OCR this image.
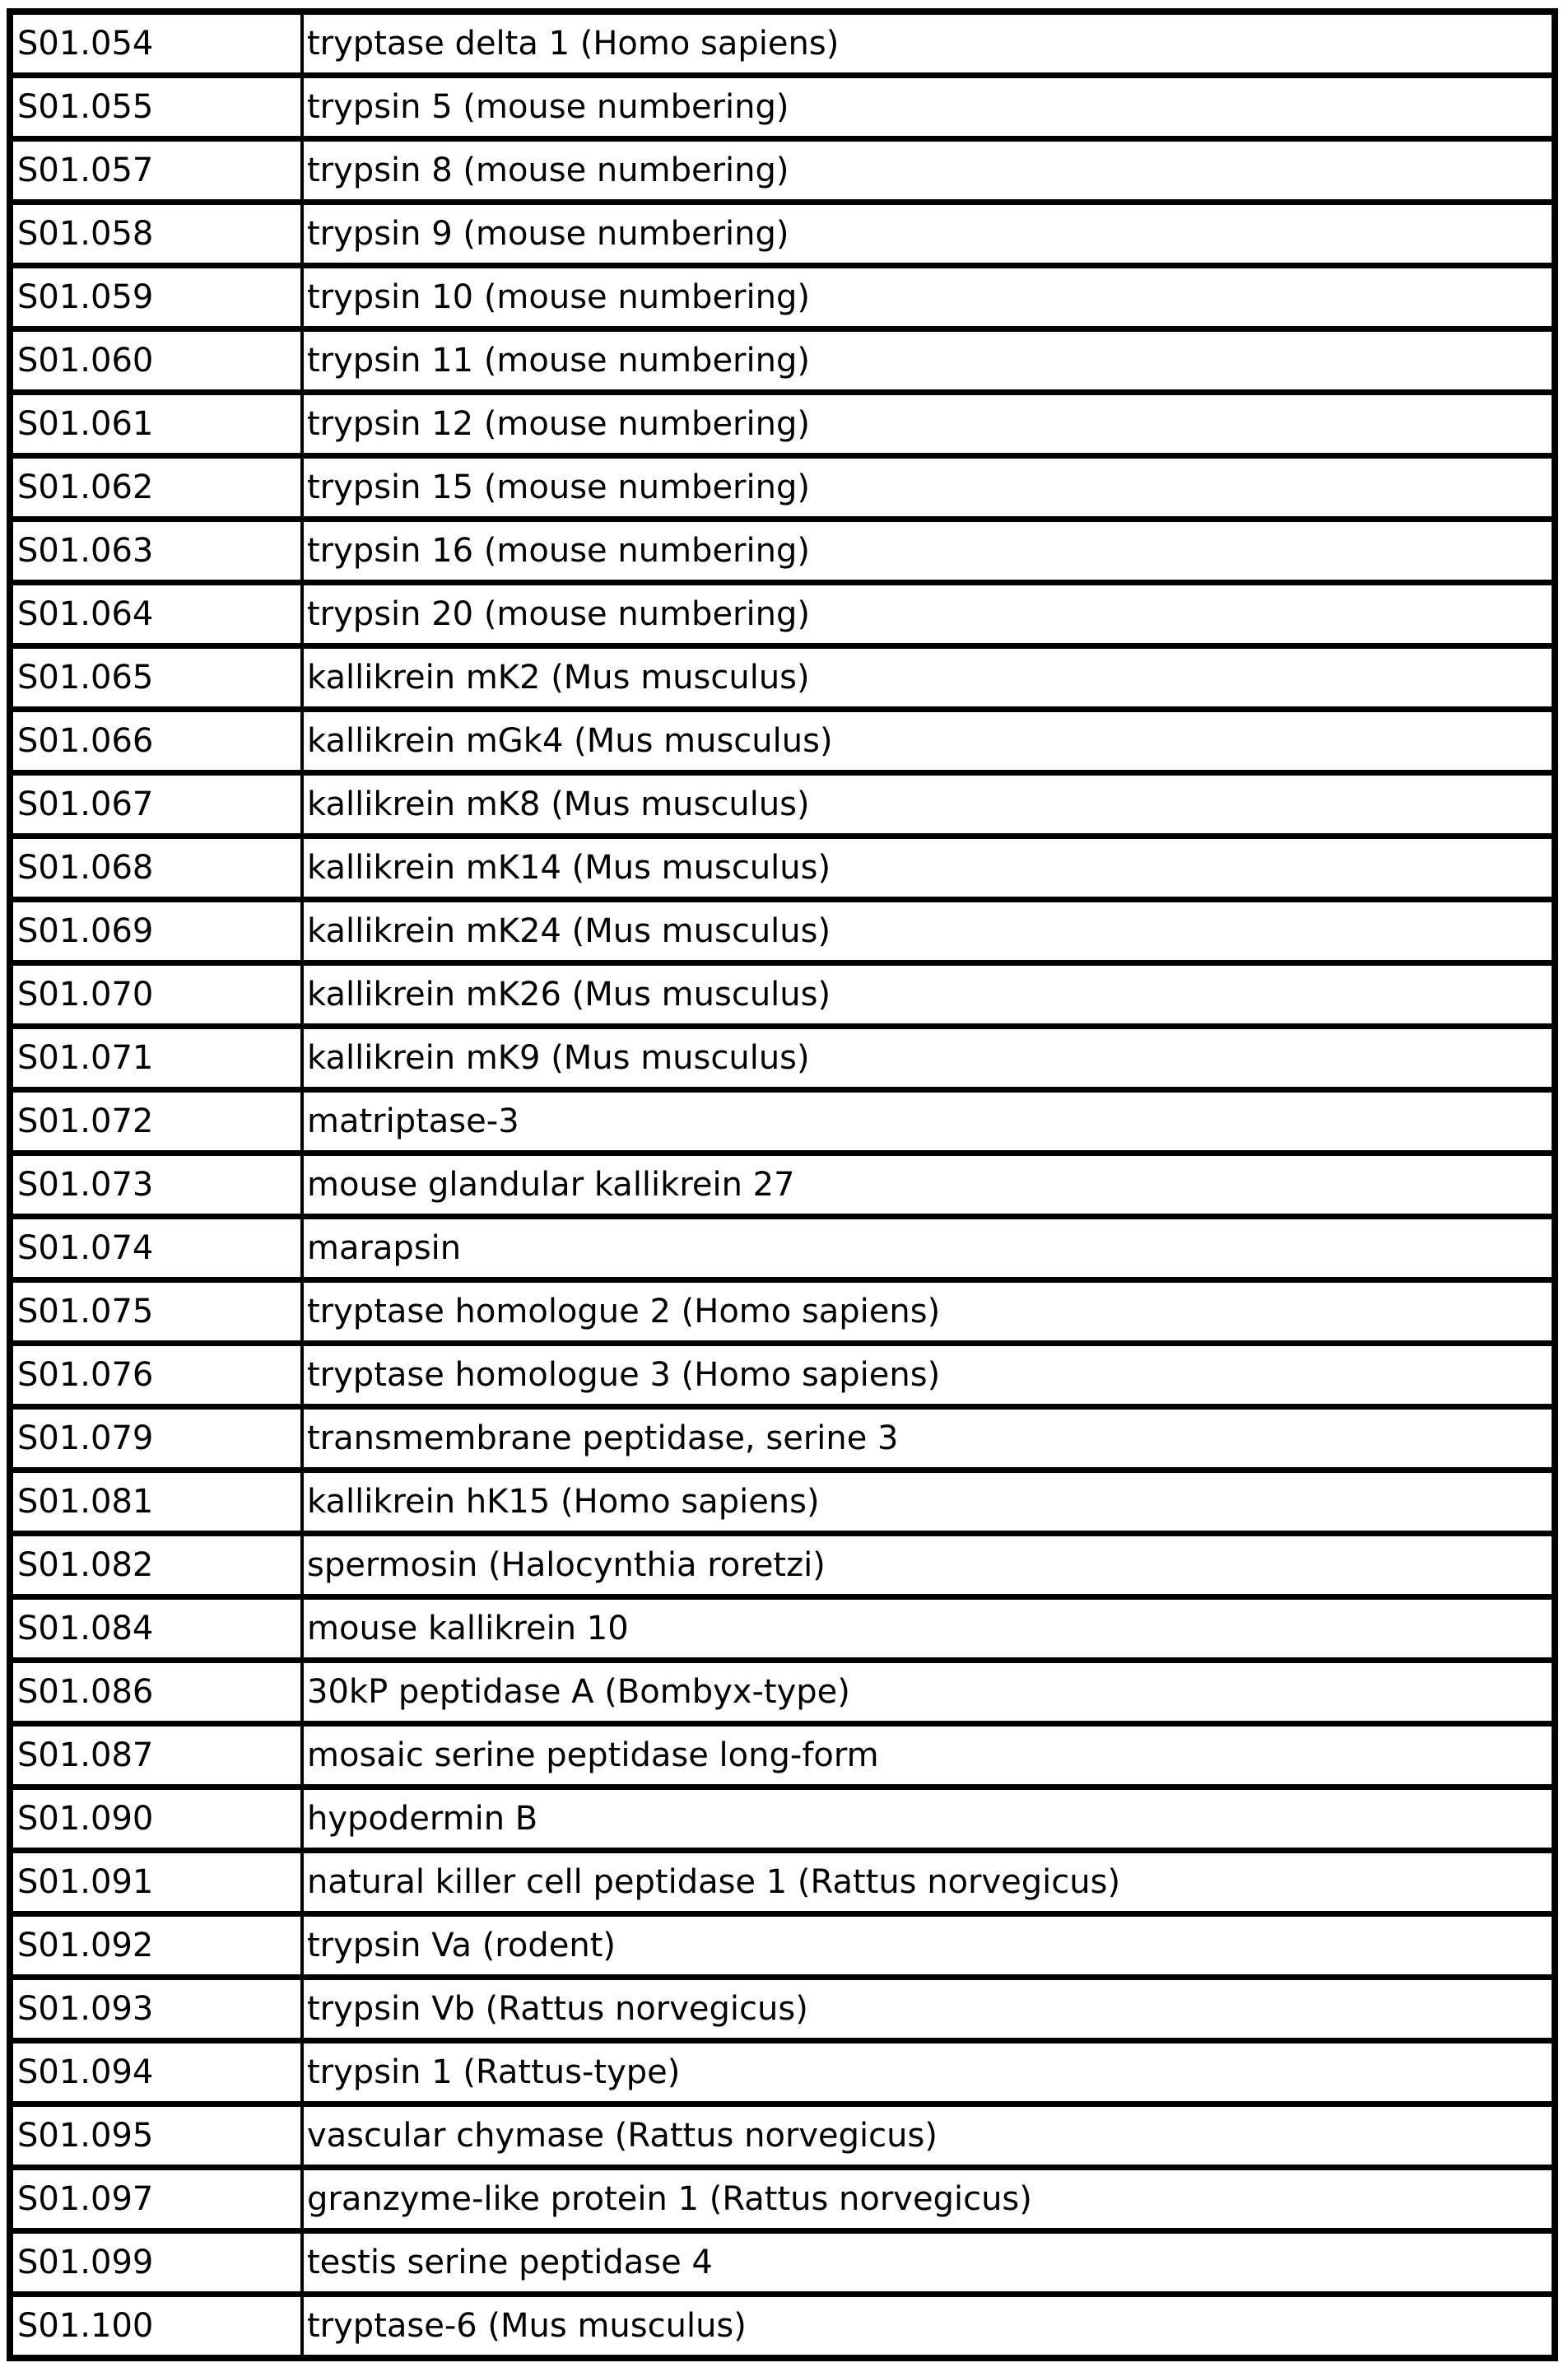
S01.054	tryptase delta 1 (Homo sapiens)
S01.055	trypsin 5 (mouse numbering)
S01.057	trypsin 8 (mouse numbering)
S01.058	trypsin 9 (mouse numbering)
S01.059	trypsin 10 (mouse numbering)
S01.060	trypsin 11 (mouse numbering)
S01.061	trypsin 12 (mouse numbering)
S01.062	trypsin 15 (mouse numbering)
S01.063	trypsin 16 (mouse numbering)
S01.064	trypsin 20 (mouse numbering)
S01.065	kallikrein mK2 (Mus musculus)
S01.066	kallikrein mGk4 (Mus musculus)
S01.067	kallikrein mK8 (Mus musculus)
S01.068	kallikrein mK14 (Mus musculus)
S01.069	kallikrein mK24 (Mus musculus)
S01.070	kallikrein mK26 (Mus musculus)
S01.071	kallikrein mK9 (Mus musculus)
S01.072	matriptase-3
S01.073	mouse glandular kallikrein 27
S01.074	marapsin
S01.075	tryptase homologue 2 (Homo sapiens)
S01.076	tryptase homologue 3 (Homo sapiens)
S01.079	transmembrane peptidase, serine 3
S01.081	kallikrein hK15 (Homo sapiens)
S01.082	spermosin (Halocynthia roretzi)
S01.084	mouse kallikrein 10
S01.086	30kP peptidase A (Bombyx-type)
S01.087	mosaic serine peptidase long-form
S01.090	hypodermin B
S01.091	natural killer cell peptidase 1 (Rattus norvegicus)
S01.092	trypsin Va (rodent)
S01.093	trypsin Vb (Rattus norvegicus)
S01.094	trypsin 1 (Rattus-type)
S01.095	vascular chymase (Rattus norvegicus)
S01.097	granzyme-like protein 1 (Rattus norvegicus)
S01.099	testis serine peptidase 4
S01.100	tryptase-6 (Mus musculus)
